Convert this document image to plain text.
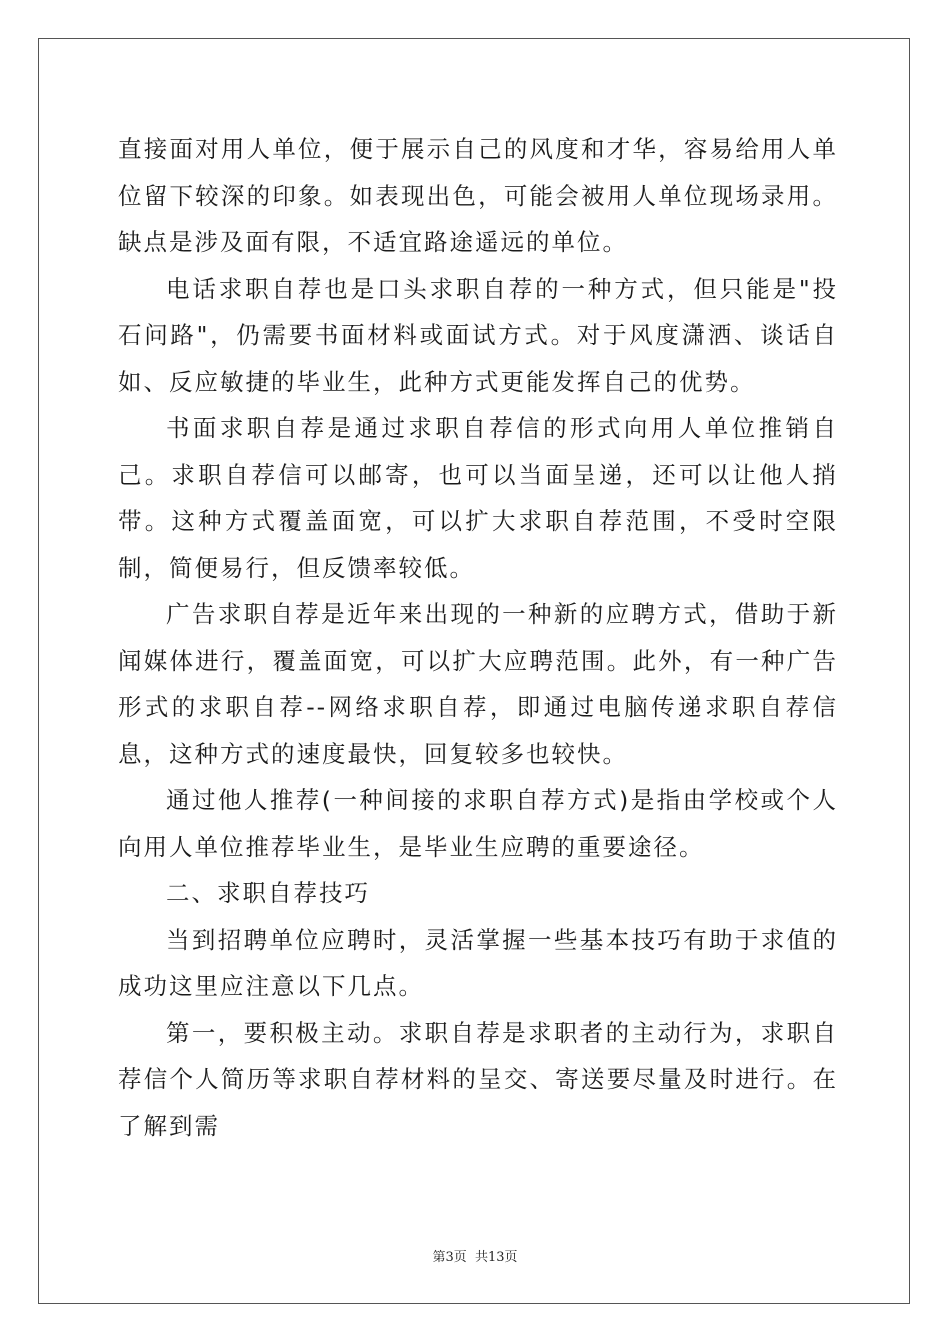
直接面对用人单位，便于展示自己的风度和才华，容易给用人单位留下较深的印象。如表现出色，可能会被用人单位现场录用。缺点是涉及面有限，不适宜路途遥远的单位。

电话求职自荐也是口头求职自荐的一种方式，但只能是"投石问路"，仍需要书面材料或面试方式。对于风度潇洒、谈话自如、反应敏捷的毕业生，此种方式更能发挥自己的优势。

书面求职自荐是通过求职自荐信的形式向用人单位推销自己。求职自荐信可以邮寄，也可以当面呈递，还可以让他人捎带。这种方式覆盖面宽，可以扩大求职自荐范围，不受时空限制，简便易行，但反馈率较低。

广告求职自荐是近年来出现的一种新的应聘方式，借助于新闻媒体进行，覆盖面宽，可以扩大应聘范围。此外，有一种广告形式的求职自荐--网络求职自荐，即通过电脑传递求职自荐信息，这种方式的速度最快，回复较多也较快。

通过他人推荐(一种间接的求职自荐方式)是指由学校或个人向用人单位推荐毕业生，是毕业生应聘的重要途径。

二、求职自荐技巧

当到招聘单位应聘时，灵活掌握一些基本技巧有助于求值的成功这里应注意以下几点。

第一，要积极主动。求职自荐是求职者的主动行为，求职自荐信个人简历等求职自荐材料的呈交、寄送要尽量及时进行。在了解到需

第3页 共13页
